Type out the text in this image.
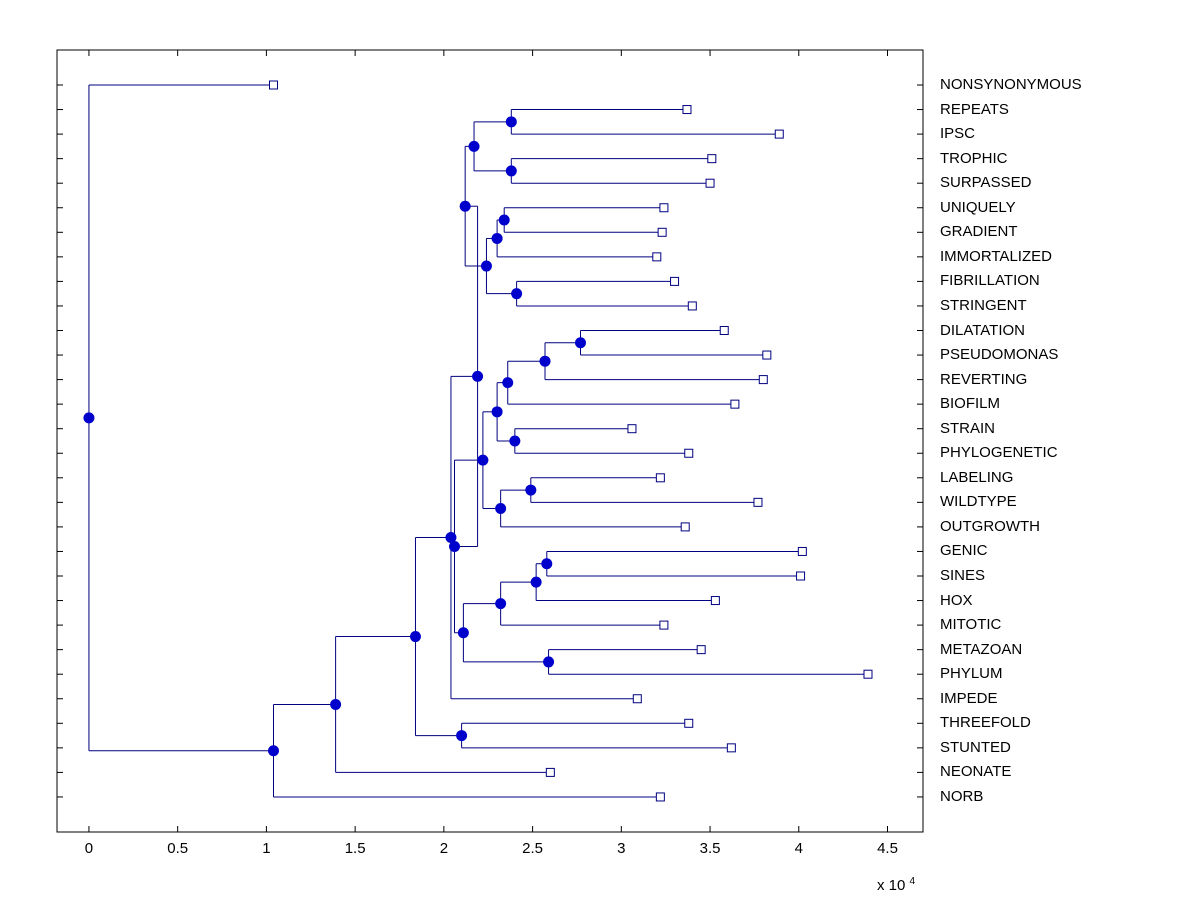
NONSYNONYMOUS
REPEATS
IPSC
TROPHIC
SURPASSED
UNIQUELY
GRADIENT
IMMORTALIZED
FIBRILLATION
STRINGENT
DILATATION
PSEUDOMONAS
REVERTING
BIOFILM
STRAIN
PHYLOGENETIC
LABELING
WILDTYPE
OUTGROWTH
GENIC
SINES
HOX
MITOTIC
METAZOAN
PHYLUM
IMPEDE
THREEFOLD
STUNTED
NEONATE
NORB
0	0.5	1	1.5	2	2.5	3	3.5	4	4.5
x 10 $^4$
